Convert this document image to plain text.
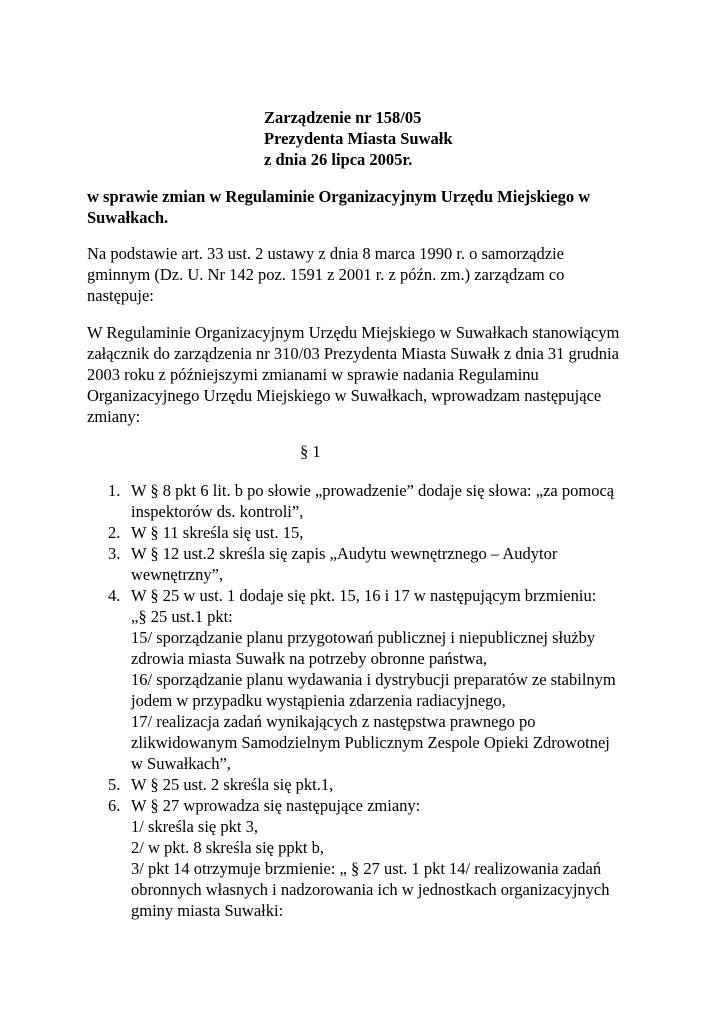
Zarządzenie nr 158/05
Prezydenta Miasta Suwałk
z dnia 26 lipca 2005r.
w sprawie zmian w Regulaminie Organizacyjnym Urzędu Miejskiego w
Suwałkach.
Na podstawie art. 33 ust. 2 ustawy z dnia 8 marca 1990 r. o samorządzie
gminnym (Dz. U. Nr 142 poz. 1591 z 2001 r. z późn. zm.) zarządzam co
następuje:
W Regulaminie Organizacyjnym Urzędu Miejskiego w Suwałkach stanowiącym
załącznik do zarządzenia nr 310/03 Prezydenta Miasta Suwałk z dnia 31 grudnia
2003 roku z późniejszymi zmianami w sprawie nadania Regulaminu
Organizacyjnego Urzędu Miejskiego w Suwałkach, wprowadzam następujące
zmiany:
§ 1
1. W § 8 pkt 6 lit. b po słowie „prowadzenie” dodaje się słowa: „za pomocą
inspektorów ds. kontroli”,
2. W § 11 skreśla się ust. 15,
3. W § 12 ust.2 skreśla się zapis „Audytu wewnętrznego – Audytor
wewnętrzny”,
4. W § 25 w ust. 1 dodaje się pkt. 15, 16 i 17 w następującym brzmieniu:
„§ 25 ust.1 pkt:
15/ sporządzanie planu przygotowań publicznej i niepublicznej służby
zdrowia miasta Suwałk na potrzeby obronne państwa,
16/ sporządzanie planu wydawania i dystrybucji preparatów ze stabilnym
jodem w przypadku wystąpienia zdarzenia radiacyjnego,
17/ realizacja zadań wynikających z następstwa prawnego po
zlikwidowanym Samodzielnym Publicznym Zespole Opieki Zdrowotnej
w Suwałkach”,
5. W § 25 ust. 2 skreśla się pkt.1,
6. W § 27 wprowadza się następujące zmiany:
1/ skreśla się pkt 3,
2/ w pkt. 8 skreśla się ppkt b,
3/ pkt 14 otrzymuje brzmienie: „ § 27 ust. 1 pkt 14/ realizowania zadań
obronnych własnych i nadzorowania ich w jednostkach organizacyjnych
gminy miasta Suwałki:
